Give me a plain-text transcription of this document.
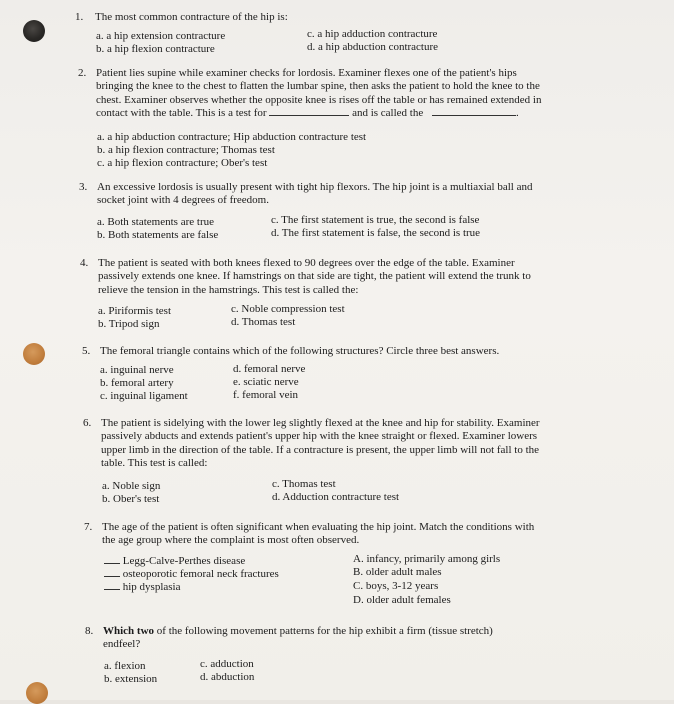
1. The most common contracture of the hip is:
a. a hip extension contracture
b. a hip flexion contracture
c. a hip adduction contracture
d. a hip abduction contracture
2. Patient lies supine while examiner checks for lordosis. Examiner flexes one of the patient's hips
bringing the knee to the chest to flatten the lumbar spine, then asks the patient to hold the knee to the
chest. Examiner observes whether the opposite knee is rises off the table or has remained extended in
contact with the table. This is a test for	and is called the	.
a. a hip abduction contracture; Hip abduction contracture test
b. a hip flexion contracture; Thomas test
c. a hip flexion contracture; Ober's test
3. An excessive lordosis is usually present with tight hip flexors. The hip joint is a multiaxial ball and
socket joint with 4 degrees of freedom.
a. Both statements are true
b. Both statements are false
c. The first statement is true, the second is false
d. The first statement is false, the second is true
4. The patient is seated with both knees flexed to 90 degrees over the edge of the table. Examiner
passively extends one knee. If hamstrings on that side are tight, the patient will extend the trunk to
relieve the tension in the hamstrings. This test is called the:
a. Piriformis test
b. Tripod sign
c. Noble compression test
d. Thomas test
5. The femoral triangle contains which of the following structures? Circle three best answers.
a. inguinal nerve
b. femoral artery
c. inguinal ligament
d. femoral nerve
e. sciatic nerve
f. femoral vein
6. The patient is sidelying with the lower leg slightly flexed at the knee and hip for stability. Examiner
passively abducts and extends patient's upper hip with the knee straight or flexed. Examiner lowers
upper limb in the direction of the table. If a contracture is present, the upper limb will not fall to the
table. This test is called:
a. Noble sign
b. Ober's test
c. Thomas test
d. Adduction contracture test
7. The age of the patient is often significant when evaluating the hip joint. Match the conditions with
the age group where the complaint is most often observed.
Legg-Calve-Perthes disease
osteoporotic femoral neck fractures
hip dysplasia
A. infancy, primarily among girls
B. older adult males
C. boys, 3-12 years
D. older adult females
8. Which two of the following movement patterns for the hip exhibit a firm (tissue stretch)
endfeel?
a. flexion
b. extension
c. adduction
d. abduction
